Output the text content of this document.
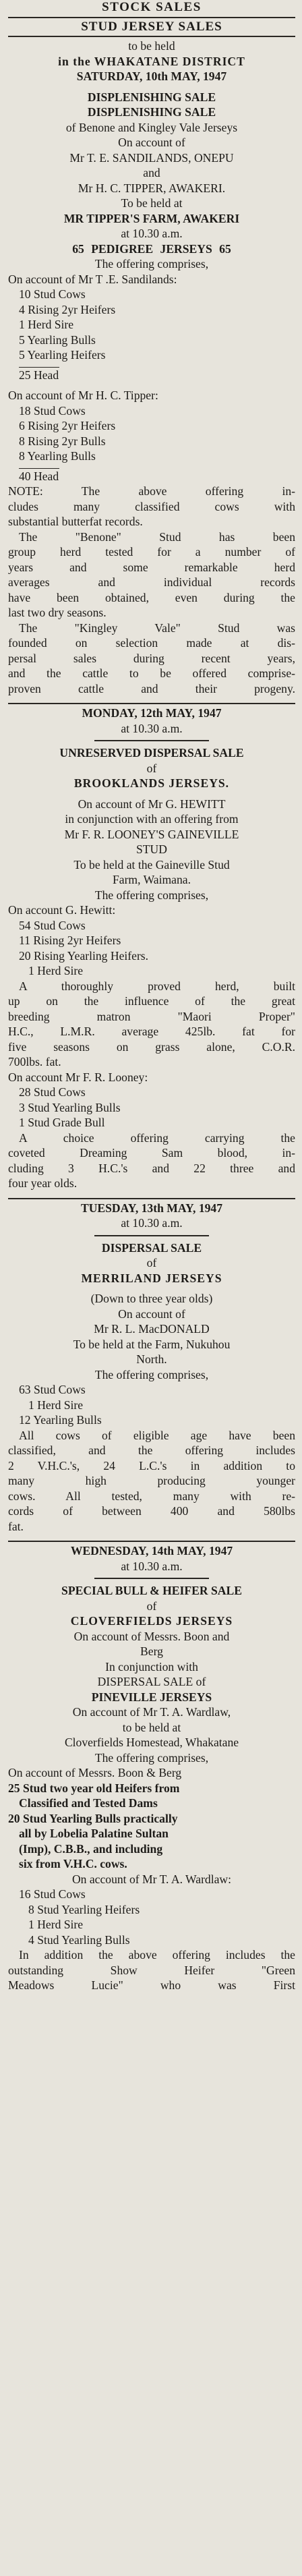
STOCK SALES
STUD JERSEY SALES
to be held
in the WHAKATANE DISTRICT
SATURDAY, 10th MAY, 1947
DISPLENISHING SALE
DISPLENISHING SALE
of Benone and Kingley Vale Jerseys
On account of
Mr T. E. SANDILANDS, ONEPU
and
Mr H. C. TIPPER, AWAKERI.
To be held at
MR TIPPER'S FARM, AWAKERI
at 10.30 a.m.
65 PEDIGREE JERSEYS 65
The offering comprises,
On account of Mr T .E. Sandilands:
10 Stud Cows
4 Rising 2yr Heifers
1 Herd Sire
5 Yearling Bulls
5 Yearling Heifers
25 Head
On account of Mr H. C. Tipper:
18 Stud Cows
6 Rising 2yr Heifers
8 Rising 2yr Bulls
8 Yearling Bulls
40 Head
NOTE: The above offering in-
cludes many classified cows with
substantial butterfat records.
The "Benone" Stud has been
group herd tested for a number of
years and some remarkable herd
averages and individual records
have been obtained, even during the
last two dry seasons.
The "Kingley Vale" Stud was
founded on selection made at dis-
persal sales during recent years,
and the cattle to be offered comprise-
proven cattle and their progeny.
MONDAY, 12th MAY, 1947
at 10.30 a.m.
UNRESERVED DISPERSAL SALE
of
BROOKLANDS JERSEYS.
On account of Mr G. HEWITT
in conjunction with an offering from
Mr F. R. LOONEY'S GAINEVILLE
STUD
To be held at the Gaineville Stud
Farm, Waimana.
The offering comprises,
On account G. Hewitt:
54 Stud Cows
11 Rising 2yr Heifers
20 Rising Yearling Heifers.
1 Herd Sire
A thoroughly proved herd, built
up on the influence of the great
breeding matron "Maori Proper"
H.C., L.M.R. average 425lb. fat for
five seasons on grass alone, C.O.R.
700lbs. fat.
On account Mr F. R. Looney:
28 Stud Cows
3 Stud Yearling Bulls
1 Stud Grade Bull
A choice offering carrying the
coveted Dreaming Sam blood, in-
cluding 3 H.C.'s and 22 three and
four year olds.
TUESDAY, 13th MAY, 1947
at 10.30 a.m.
DISPERSAL SALE
of
MERRILAND JERSEYS
(Down to three year olds)
On account of
Mr R. L. MacDONALD
To be held at the Farm, Nukuhou
North.
The offering comprises,
63 Stud Cows
1 Herd Sire
12 Yearling Bulls
All cows of eligible age have been
classified, and the offering includes
2 V.H.C.'s, 24 L.C.'s in addition to
many high producing younger
cows. All tested, many with re-
cords of between 400 and 580lbs
fat.
WEDNESDAY, 14th MAY, 1947
at 10.30 a.m.
SPECIAL BULL & HEIFER SALE
of
CLOVERFIELDS JERSEYS
On account of Messrs. Boon and
Berg
In conjunction with
DISPERSAL SALE of
PINEVILLE JERSEYS
On account of Mr T. A. Wardlaw,
to be held at
Cloverfields Homestead, Whakatane
The offering comprises,
On account of Messrs. Boon & Berg
25 Stud two year old Heifers from
Classified and Tested Dams
20 Stud Yearling Bulls practically
all by Lobelia Palatine Sultan
(Imp), C.B.B., and including
six from V.H.C. cows.
On account of Mr T. A. Wardlaw:
16 Stud Cows
8 Stud Yearling Heifers
1 Herd Sire
4 Stud Yearling Bulls
In addition the above offering includes the
outstanding Show Heifer "Green
Meadows Lucie" who was First
